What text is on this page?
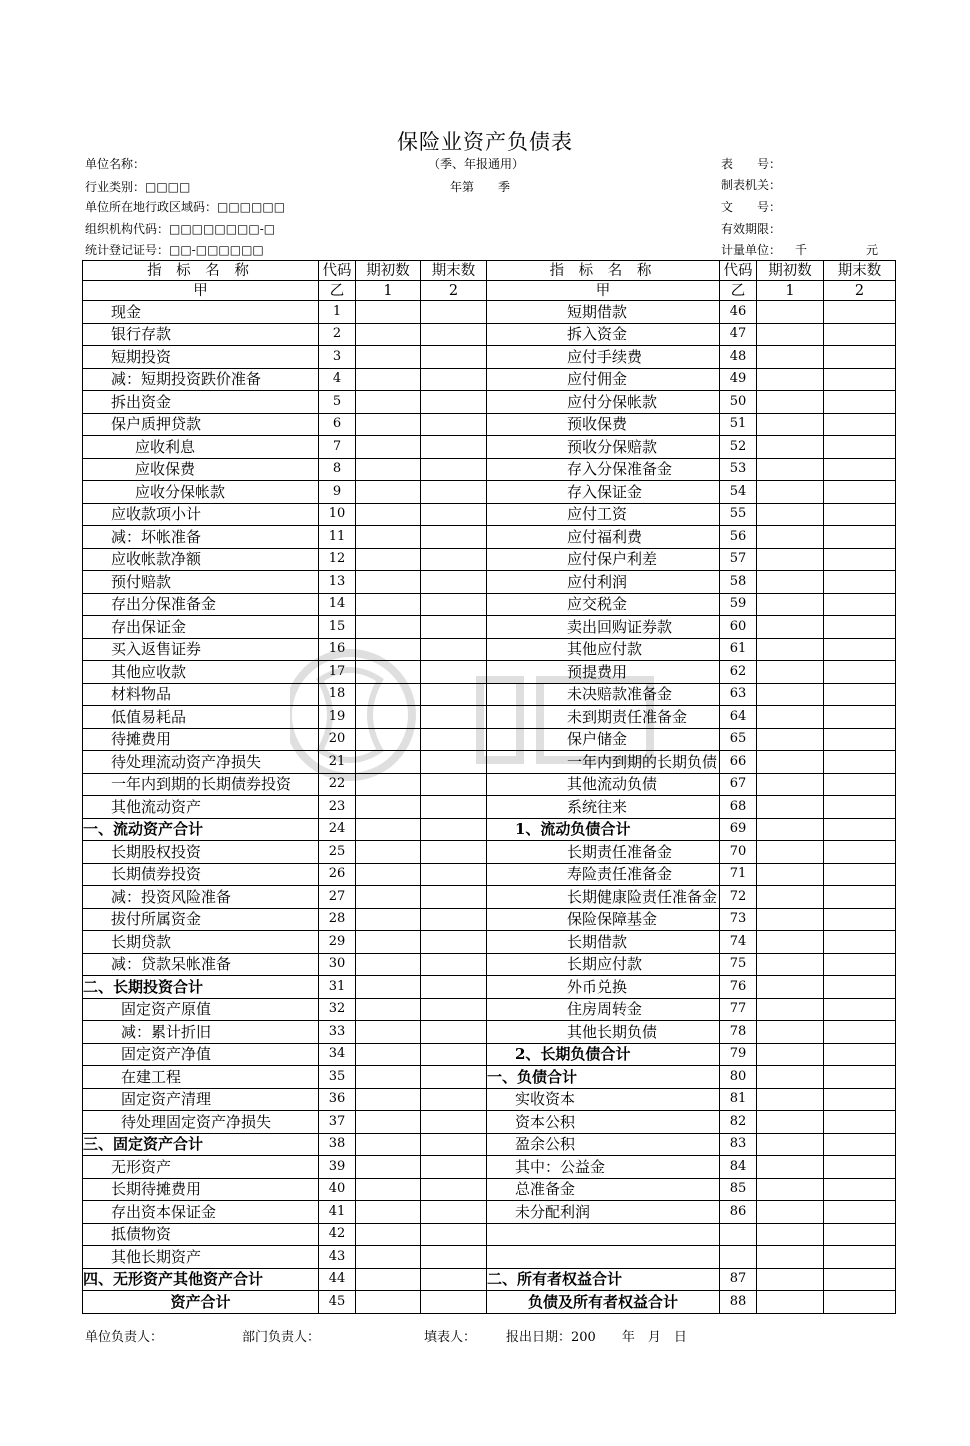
保险业资产负债表
单位名称：	（季、年报通用）	表　　号：
行业类别：□□□□	年第　　季	制表机关：
单位所在地行政区域码：□□□□□□	文　　号：
组织机构代码：□□□□□□□□-□	有效期限：
统计登记证号：□□-□□□□□□	计量单位： 千	元
指 标 名 称	代码	期初数	期末数	指 标 名 称	代码	期初数	期末数
甲	乙	1	2	甲	乙	1	2
现金	1			短期借款	46		
银行存款	2			拆入资金	47		
短期投资	3			应付手续费	48		
减：短期投资跌价准备	4			应付佣金	49		
拆出资金	5			应付分保帐款	50		
保户质押贷款	6			预收保费	51		
应收利息	7			预收分保赔款	52		
应收保费	8			存入分保准备金	53		
应收分保帐款	9			存入保证金	54		
应收款项小计	10			应付工资	55		
减：坏帐准备	11			应付福利费	56		
应收帐款净额	12			应付保户利差	57		
预付赔款	13			应付利润	58		
存出分保准备金	14			应交税金	59		
存出保证金	15			卖出回购证券款	60		
买入返售证券	16			其他应付款	61		
其他应收款	17			预提费用	62		
材料物品	18			未决赔款准备金	63		
低值易耗品	19			未到期责任准备金	64		
待摊费用	20			保户储金	65		
待处理流动资产净损失	21			一年内到期的长期负债	66		
一年内到期的长期债券投资	22			其他流动负债	67		
其他流动资产	23			系统往来	68		
一、流动资产合计	24			1、流动负债合计	69		
长期股权投资	25			长期责任准备金	70		
长期债券投资	26			寿险责任准备金	71		
减：投资风险准备	27			长期健康险责任准备金	72		
拔付所属资金	28			保险保障基金	73		
长期贷款	29			长期借款	74		
减：贷款呆帐准备	30			长期应付款	75		
二、长期投资合计	31			外币兑换	76		
固定资产原值	32			住房周转金	77		
减：累计折旧	33			其他长期负债	78		
固定资产净值	34			2、长期负债合计	79		
在建工程	35			一、负债合计	80		
固定资产清理	36			实收资本	81		
待处理固定资产净损失	37			资本公积	82		
三、固定资产合计	38			盈余公积	83		
无形资产	39			其中：公益金	84		
长期待摊费用	40			总准备金	85		
存出资本保证金	41			未分配利润	86		
抵债物资	42						
其他长期资产	43						
四、无形资产其他资产合计	44			二、所有者权益合计	87		
资产合计	45			负债及所有者权益合计	88		
单位负责人：	部门负责人：	填表人： 报出日期：200　　年　月　日
